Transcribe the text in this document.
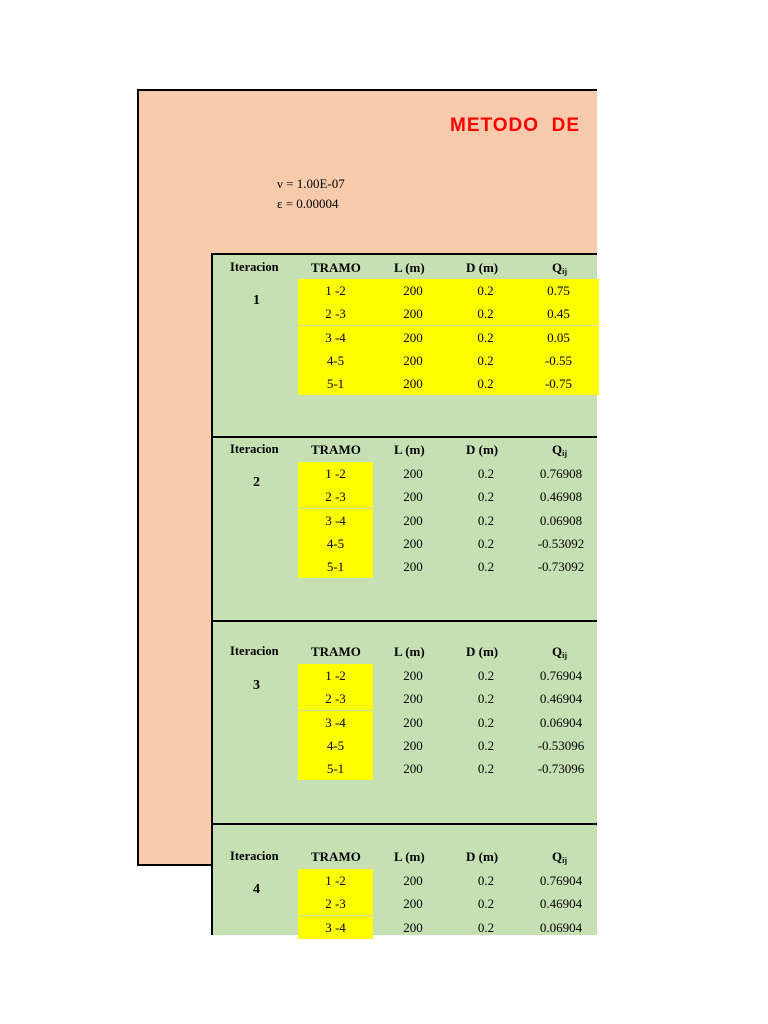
METODO  DE
ν = 1.00E-07
ε = 0.00004
Iteracion TRAMO	L (m)	D (m)	$Q_{ij}$
1
1 -2	200	0.2	0.75
2 -3	200	0.2	0.45
3 -4	200	0.2	0.05
4-5	200	0.2	-0.55
5-1	200	0.2	-0.75
Iteracion TRAMO	L (m)	D (m)	$Q_{ij}$
2
1 -2	200	0.2	0.76908
2 -3	200	0.2	0.46908
3 -4	200	0.2	0.06908
4-5	200	0.2	-0.53092
5-1	200	0.2	-0.73092
Iteracion TRAMO	L (m)	D (m)	$Q_{ij}$
3
1 -2	200	0.2	0.76904
2 -3	200	0.2	0.46904
3 -4	200	0.2	0.06904
4-5	200	0.2	-0.53096
5-1	200	0.2	-0.73096
Iteracion TRAMO	L (m)	D (m)	$Q_{ij}$
4
1 -2	200	0.2	0.76904
2 -3	200	0.2	0.46904
3 -4	200	0.2	0.06904
